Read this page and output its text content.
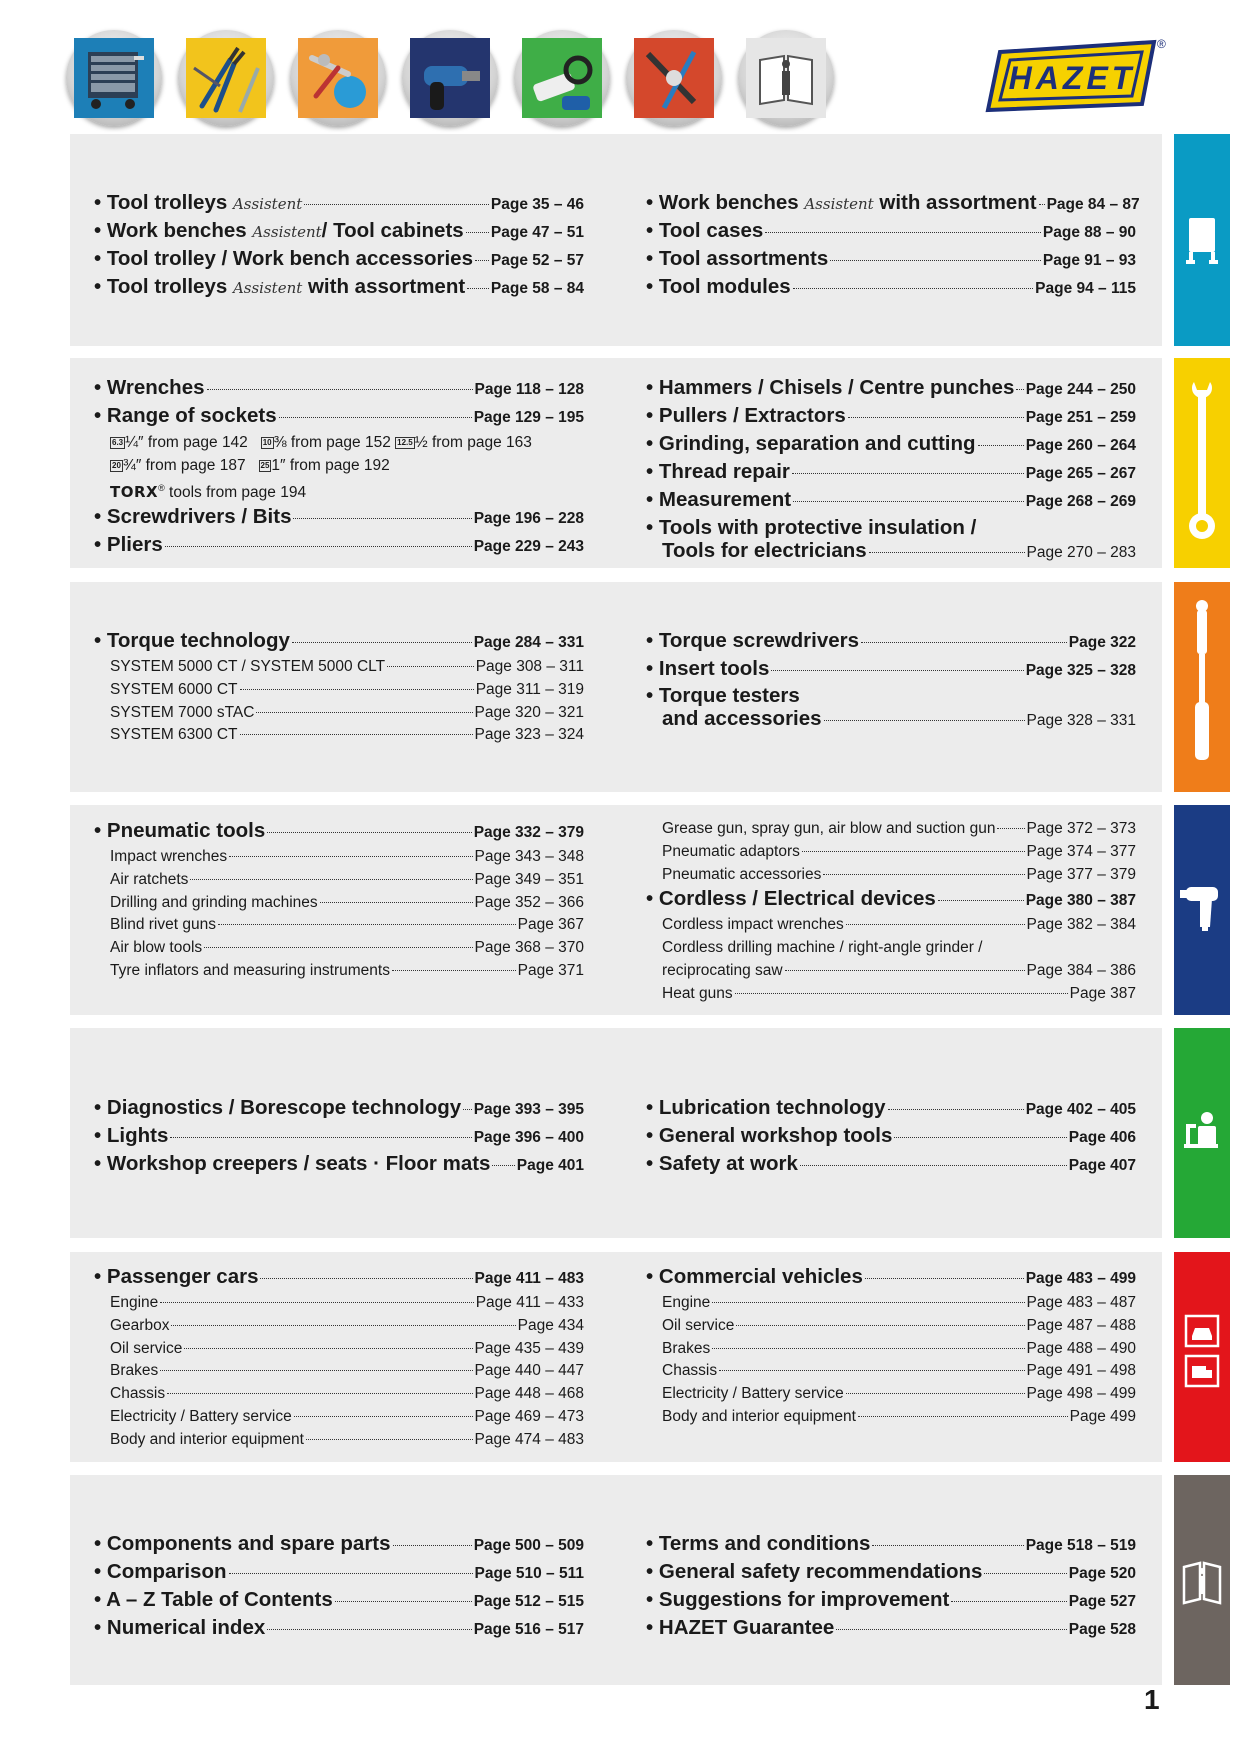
HAZET
®
• Tool trolleys Assistent	Page 35 – 46
• Work benches Assistent/ Tool cabinets Page 47 – 51
• Tool trolley / Work bench accessories Page 52 – 57
• Tool trolleys Assistent with assortment Page 58 – 84
• Work benches Assistent with assortment Page 84 – 87
• Tool cases	Page 88 – 90
• Tool assortments	Page 91 – 93
• Tool modules	Page 94 – 115
• Wrenches	Page 118 – 128
• Range of sockets	Page 129 – 195
6.3 ¼″ from page 142 10 ⅜ from page 152 12.5 ½ from page 163
20 ¾″ from page 187 25 1″ from page 192
TORX® tools from page 194
• Screwdrivers / Bits	Page 196 – 228
• Pliers	Page 229 – 243
• Hammers / Chisels / Centre punches Page 244 – 250
• Pullers / Extractors	Page 251 – 259
• Grinding, separation and cutting	Page 260 – 264
• Thread repair	Page 265 – 267
• Measurement	Page 268 – 269
• Tools with protective insulation /
Tools for electricians	Page 270 – 283
• Torque technology	Page 284 – 331
SYSTEM 5000 CT / SYSTEM 5000 CLT	Page 308 – 311
SYSTEM 6000 CT	Page 311 – 319
SYSTEM 7000 sTAC	Page 320 – 321
SYSTEM 6300 CT	Page 323 – 324
• Torque screwdrivers	Page 322
• Insert tools	Page 325 – 328
• Torque testers
and accessories	Page 328 – 331
• Pneumatic tools	Page 332 – 379
Impact wrenches	Page 343 – 348
Air ratchets	Page 349 – 351
Drilling and grinding machines	Page 352 – 366
Blind rivet guns	Page 367
Air blow tools	Page 368 – 370
Tyre inflators and measuring instruments	Page 371
Grease gun, spray gun, air blow and suction gun Page 372 – 373
Pneumatic adaptors	Page 374 – 377
Pneumatic accessories	Page 377 – 379
• Cordless / Electrical devices	Page 380 – 387
Cordless impact wrenches	Page 382 – 384
Cordless drilling machine / right-angle grinder /
reciprocating saw	Page 384 – 386
Heat guns	Page 387
• Diagnostics / Borescope technology Page 393 – 395
• Lights	Page 396 – 400
• Workshop creepers / seats · Floor mats Page 401
• Lubrication technology	Page 402 – 405
• General workshop tools	Page 406
• Safety at work	Page 407
• Passenger cars	Page 411 – 483
Engine	Page 411 – 433
Gearbox	Page 434
Oil service	Page 435 – 439
Brakes	Page 440 – 447
Chassis	Page 448 – 468
Electricity / Battery service	Page 469 – 473
Body and interior equipment	Page 474 – 483
• Commercial vehicles	Page 483 – 499
Engine	Page 483 – 487
Oil service	Page 487 – 488
Brakes	Page 488 – 490
Chassis	Page 491 – 498
Electricity / Battery service	Page 498 – 499
Body and interior equipment	Page 499
• Components and spare parts	Page 500 – 509
• Comparison	Page 510 – 511
• A – Z Table of Contents	Page 512 – 515
• Numerical index	Page 516 – 517
• Terms and conditions	Page 518 – 519
• General safety recommendations	Page 520
• Suggestions for improvement	Page 527
• HAZET Guarantee	Page 528
1
